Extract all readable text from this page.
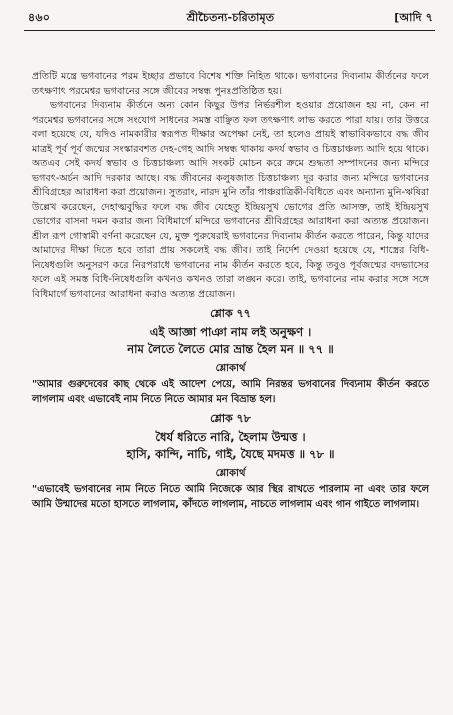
৪৬০	শ্রীচৈতন্য-চরিতামৃত	[আদি ৭

প্রতিটি মন্ত্রে ভগবানের পরম ইচ্ছার প্রভাবে বিশেষ শক্তি নিহিত থাকে। ভগবানের দিব্যনাম কীর্তনের ফলে তৎক্ষণাৎ পরমেশ্বর ভগবানের সঙ্গে জীবের সম্বন্ধ পুনঃপ্রতিষ্ঠিত হয়।

ভগবানের দিব্যনাম কীর্তনে অন্য কোন কিছুর উপর নির্ভরশীল হওয়ার প্রয়োজন হয় না, কেন না পরমেশ্বর ভগবানের সঙ্গে সংযোগ সাধনের সমস্ত বাঞ্ছিত ফল তৎক্ষণাৎ লাভ করতে পারা যায়। তার উত্তরে বলা হয়েছে যে, যদিও নামকারীর স্বরূপত দীক্ষার অপেক্ষা নেই, তা হলেও প্রায়ই স্বাভাবিকভাবে বদ্ধ জীব মাত্রই পূর্ব পূর্ব জন্মের সংস্কারবশত দেহ-গেহ আদি সম্বন্ধ থাকায় কদর্য স্বভাব ও চিত্তচাঞ্চল্য আদি হয়ে থাকে। অতএব সেই কদর্য স্বভাব ও চিত্তচাঞ্চল্য আদি সংকট মোচন করে ক্রমে শুদ্ধতা সম্পাদনের জন্য মন্দিরে ভগবৎ-অর্চন আদি দরকার আছে। বদ্ধ জীবনের কলুষজাত চিত্তচাঞ্চল্য দূর করার জন্য মন্দিরে ভগবানের শ্রীবিগ্রহের আরাধনা করা প্রয়োজন। সুতরাং, নারদ মুনি তাঁর পাঞ্চরাত্রিকী-বিধিতে এবং অন্যান্য মুনি-ঋষিরা উল্লেখ করেছেন, দেহাত্মবুদ্ধির ফলে বদ্ধ জীব যেহেতু ইন্দ্রিয়সুখ ভোগের প্রতি আসক্ত, তাই ইন্দ্রিয়সুখ ভোগের বাসনা দমন করার জন্য বিধিমার্গে মন্দিরে ভগবানের শ্রীবিগ্রহের আরাধনা করা অত্যন্ত প্রয়োজন। শ্রীল রূপ গোস্বামী বর্ণনা করেছেন যে, মুক্ত পুরুষেরাই ভগবানের দিব্যনাম কীর্তন করতে পারেন, কিন্তু যাদের আমাদের দীক্ষা দিতে হবে তারা প্রায় সকলেই বদ্ধ জীব। তাই নির্দেশ দেওয়া হয়েছে যে, শাস্ত্রের বিধি-নিষেধগুলি অনুসরণ করে নিরপরাধে ভগবানের নাম কীর্তন করতে হবে, কিন্তু তবুও পূর্বজন্মের বদভ্যাসের ফলে এই সমস্ত বিধি-নিষেধগুলি কখনও কখনও তারা লঙ্ঘন করে। তাই, ভগবানের নাম করার সঙ্গে সঙ্গে বিধিমার্গে ভগবানের আরাধনা করাও অত্যন্ত প্রয়োজন।

শ্লোক ৭৭
এই আজ্ঞা পাঞা নাম লই অনুক্ষণ ।
নাম লৈতে লৈতে মোর ভ্রান্ত হৈল মন ॥ ৭৭ ॥
শ্লোকার্থ
"আমার গুরুদেবের কাছ থেকে এই আদেশ পেয়ে, আমি নিরন্তর ভগবানের দিব্যনাম কীর্তন করতে লাগলাম এবং এভাবেই নাম নিতে নিতে আমার মন বিভ্রান্ত হল।
শ্লোক ৭৮
ধৈর্য ধরিতে নারি, হৈলাম উন্মত্ত ।
হাসি, কান্দি, নাচি, গাই, যৈছে মদমত্ত ॥ ৭৮ ॥
শ্লোকার্থ
"এভাবেই ভগবানের নাম নিতে নিতে আমি নিজেকে আর স্থির রাখতে পারলাম না এবং তার ফলে আমি উন্মাদের মতো হাসতে লাগলাম, কাঁদতে লাগলাম, নাচতে লাগলাম এবং গান গাইতে লাগলাম।
